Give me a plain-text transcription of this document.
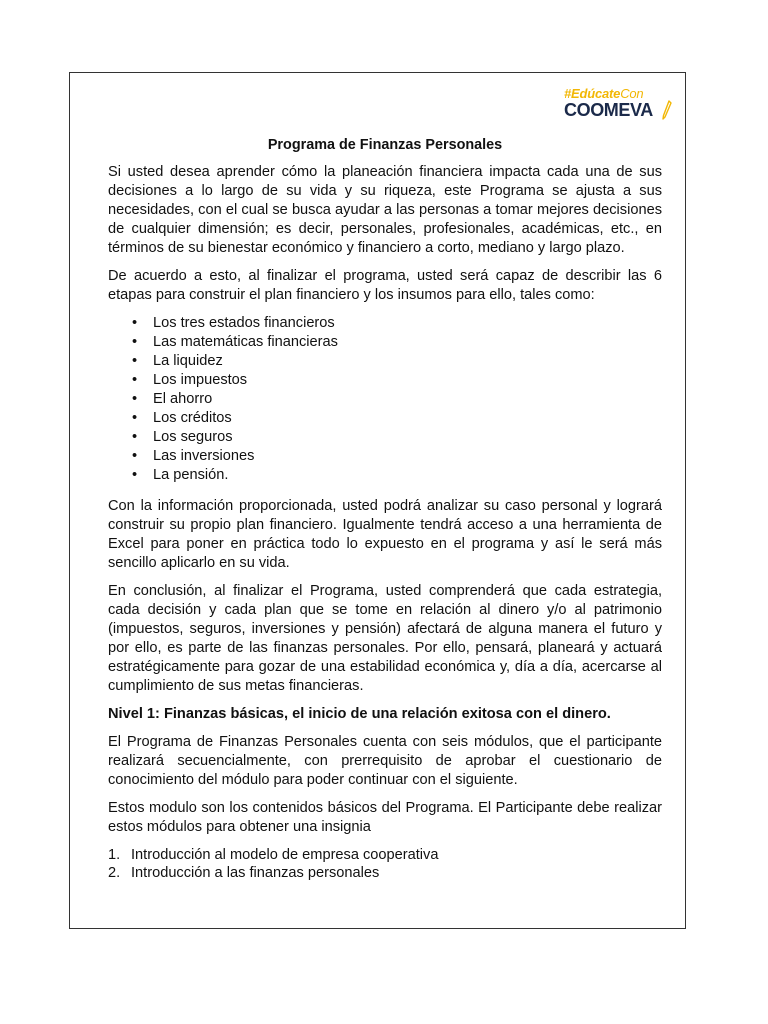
#EdúcateCon
COOMEVA

Programa de Finanzas Personales

Si usted desea aprender cómo la planeación financiera impacta cada una de sus decisiones a lo largo de su vida y su riqueza, este Programa se ajusta a sus necesidades, con el cual se busca ayudar a las personas a tomar mejores decisiones de cualquier dimensión; es decir, personales, profesionales, académicas, etc., en términos de su bienestar económico y financiero a corto, mediano y largo plazo.

De acuerdo a esto, al finalizar el programa, usted será capaz de describir las 6 etapas para construir el plan financiero y los insumos para ello, tales como:

• Los tres estados financieros
• Las matemáticas financieras
• La liquidez
• Los impuestos
• El ahorro
• Los créditos
• Los seguros
• Las inversiones
• La pensión.

Con la información proporcionada, usted podrá analizar su caso personal y logrará construir su propio plan financiero. Igualmente tendrá acceso a una herramienta de Excel para poner en práctica todo lo expuesto en el programa y así le será más sencillo aplicarlo en su vida.

En conclusión, al finalizar el Programa, usted comprenderá que cada estrategia, cada decisión y cada plan que se tome en relación al dinero y/o al patrimonio (impuestos, seguros, inversiones y pensión) afectará de alguna manera el futuro y por ello, es parte de las finanzas personales. Por ello, pensará, planeará y actuará estratégicamente para gozar de una estabilidad económica y, día a día, acercarse al cumplimiento de sus metas financieras.

Nivel 1: Finanzas básicas, el inicio de una relación exitosa con el dinero.

El Programa de Finanzas Personales cuenta con seis módulos, que el participante realizará secuencialmente, con prerrequisito de aprobar el cuestionario de conocimiento del módulo para poder continuar con el siguiente.

Estos modulo son los contenidos básicos del Programa. El Participante debe realizar estos módulos para obtener una insignia

1. Introducción al modelo de empresa cooperativa
2. Introducción a las finanzas personales
